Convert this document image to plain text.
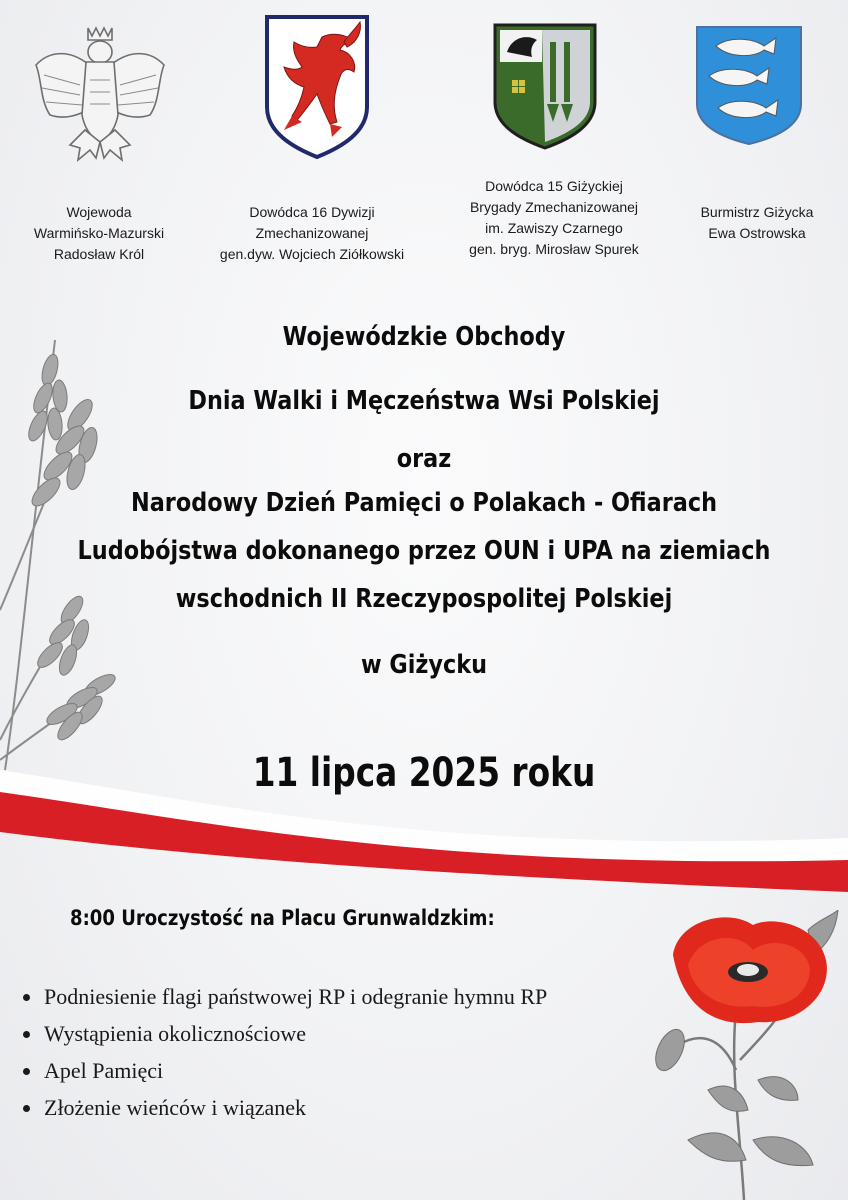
Wojewoda
Warmińsko-Mazurski
Radosław Król
Dowódca 16 Dywizji
Zmechanizowanej
gen.dyw. Wojciech Ziółkowski
Dowódca 15 Giżyckiej
Brygady Zmechanizowanej
im. Zawiszy Czarnego
gen. bryg. Mirosław Spurek
Burmistrz Giżycka
Ewa Ostrowska
Wojewódzkie Obchody
Dnia Walki i Męczeństwa Wsi Polskiej
oraz
Narodowy Dzień Pamięci o Polakach - Ofiarach
Ludobójstwa dokonanego przez OUN i UPA na ziemiach
wschodnich II Rzeczypospolitej Polskiej
w Giżycku
11 lipca 2025 roku
8:00 Uroczystość na Placu Grunwaldzkim:
Podniesienie flagi państwowej RP i odegranie hymnu RP
Wystąpienia okolicznościowe
Apel Pamięci
Złożenie wieńców i wiązanek
